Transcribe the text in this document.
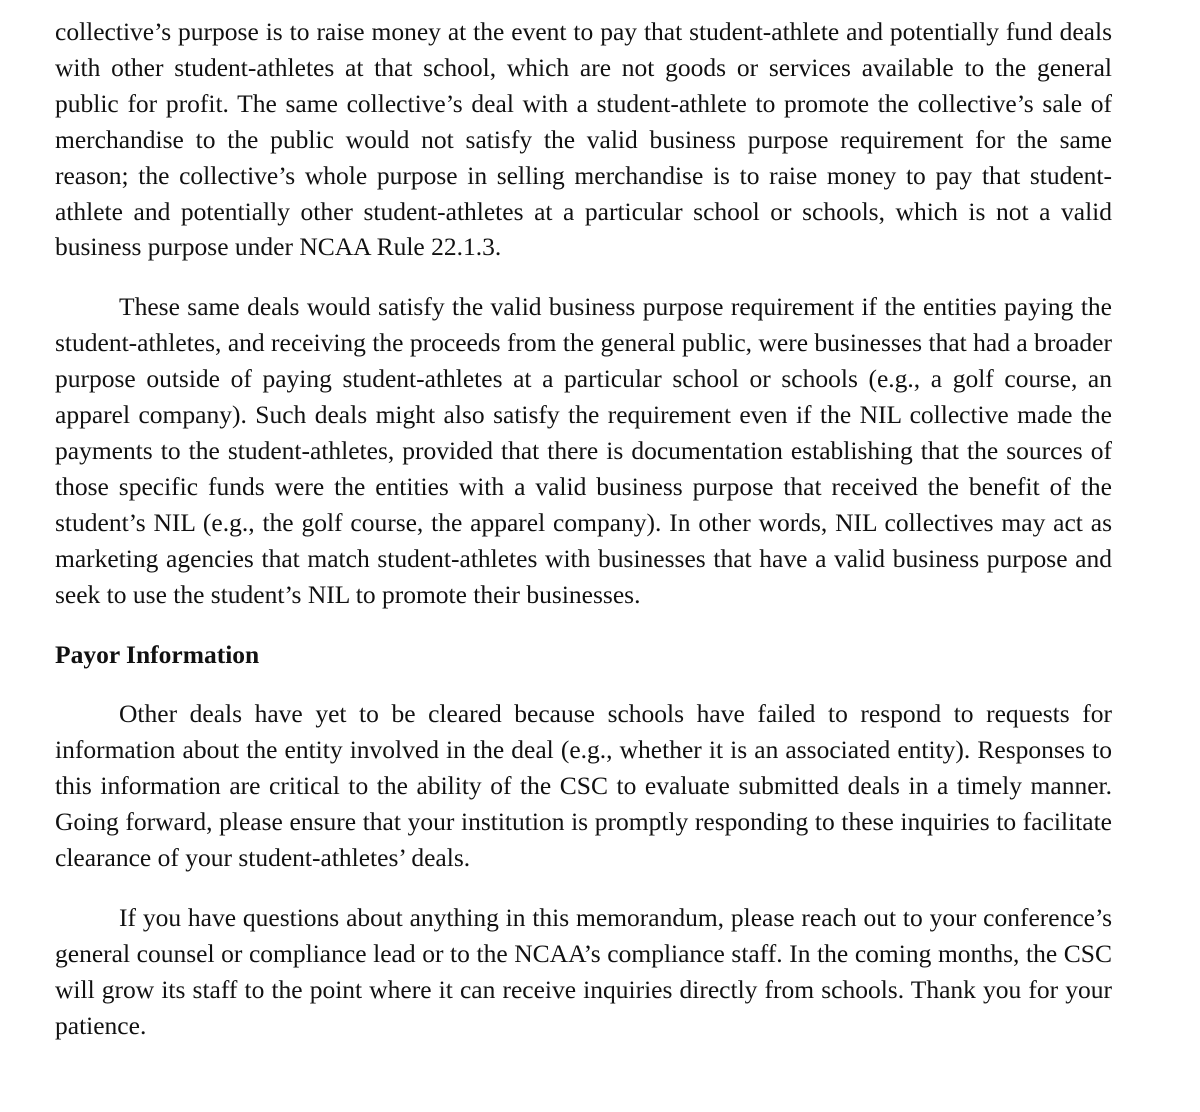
collective’s purpose is to raise money at the event to pay that student-athlete and potentially fund deals with other student-athletes at that school, which are not goods or services available to the general public for profit. The same collective’s deal with a student-athlete to promote the collective’s sale of merchandise to the public would not satisfy the valid business purpose requirement for the same reason; the collective’s whole purpose in selling merchandise is to raise money to pay that student-athlete and potentially other student-athletes at a particular school or schools, which is not a valid business purpose under NCAA Rule 22.1.3.

These same deals would satisfy the valid business purpose requirement if the entities paying the student-athletes, and receiving the proceeds from the general public, were businesses that had a broader purpose outside of paying student-athletes at a particular school or schools (e.g., a golf course, an apparel company). Such deals might also satisfy the requirement even if the NIL collective made the payments to the student-athletes, provided that there is documentation establishing that the sources of those specific funds were the entities with a valid business purpose that received the benefit of the student’s NIL (e.g., the golf course, the apparel company). In other words, NIL collectives may act as marketing agencies that match student-athletes with businesses that have a valid business purpose and seek to use the student’s NIL to promote their businesses.

Payor Information

Other deals have yet to be cleared because schools have failed to respond to requests for information about the entity involved in the deal (e.g., whether it is an associated entity). Responses to this information are critical to the ability of the CSC to evaluate submitted deals in a timely manner. Going forward, please ensure that your institution is promptly responding to these inquiries to facilitate clearance of your student-athletes’ deals.

If you have questions about anything in this memorandum, please reach out to your conference’s general counsel or compliance lead or to the NCAA’s compliance staff. In the coming months, the CSC will grow its staff to the point where it can receive inquiries directly from schools. Thank you for your patience.
